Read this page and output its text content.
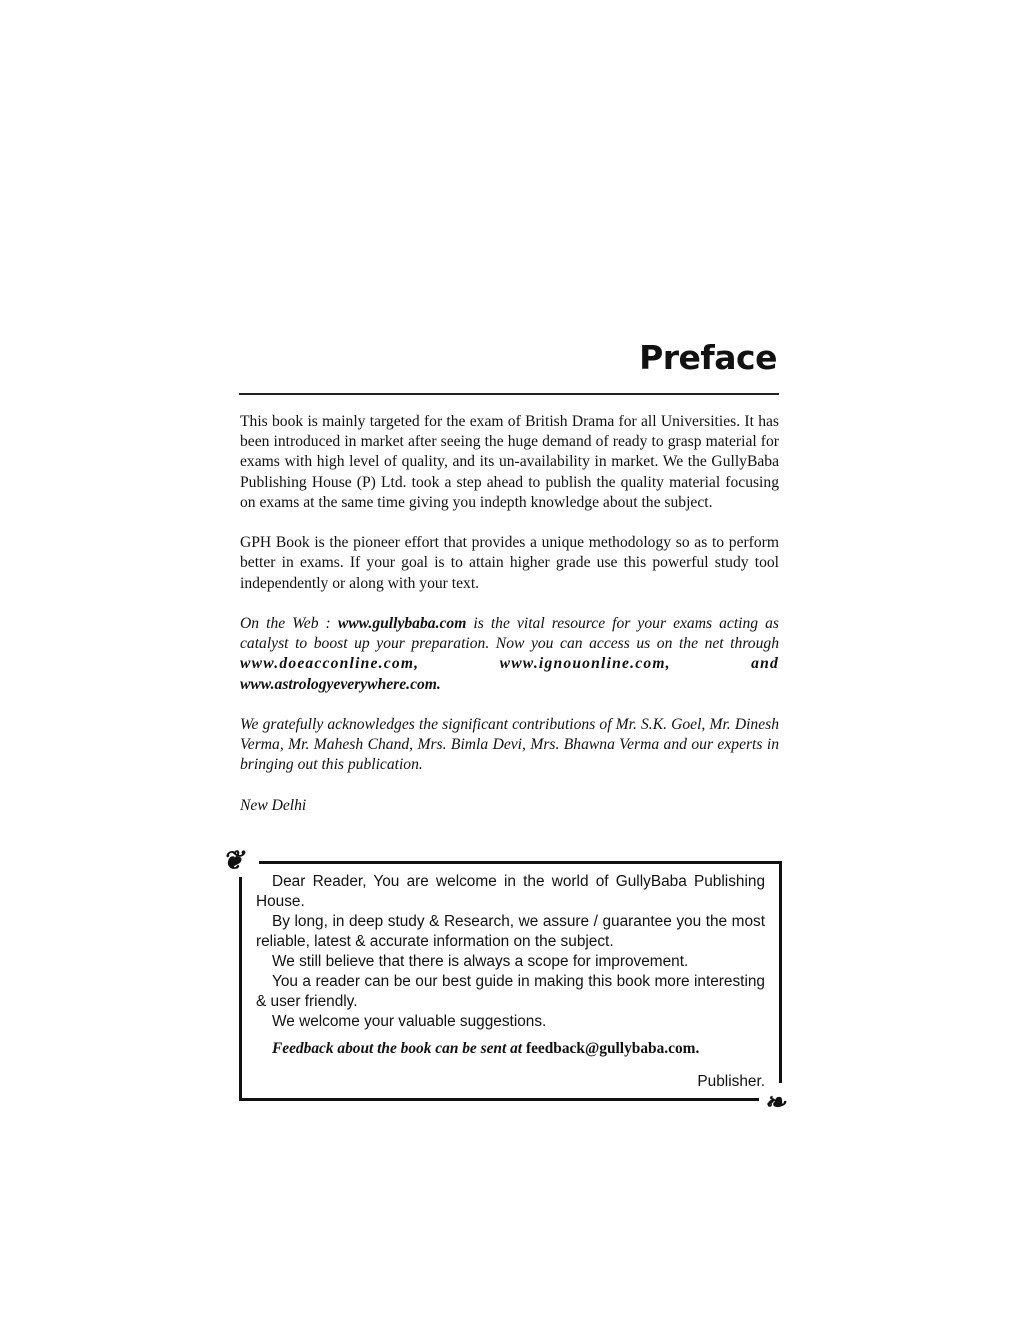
Preface

This book is mainly targeted for the exam of British Drama for all Universities. It has been introduced in market after seeing the huge demand of ready to grasp material for exams with high level of quality, and its un-availability in market. We the GullyBaba Publishing House (P) Ltd. took a step ahead to publish the quality material focusing on exams at the same time giving you indepth knowledge about the subject.

GPH Book is the pioneer effort that provides a unique methodology so as to perform better in exams. If your goal is to attain higher grade use this powerful study tool independently or along with your text.

On the Web : www.gullybaba.com is the vital resource for your exams acting as catalyst to boost up your preparation. Now you can access us on the net through www.doeacconline.com,	www.ignouonline.com,	and www.astrologyeverywhere.com.

We gratefully acknowledges the significant contributions of Mr. S.K. Goel, Mr. Dinesh Verma, Mr. Mahesh Chand, Mrs. Bimla Devi, Mrs. Bhawna Verma and our experts in bringing out this publication.

New Delhi

❦
❧

Dear Reader, You are welcome in the world of GullyBaba Publishing House.

By long, in deep study & Research, we assure / guarantee you the most reliable, latest & accurate information on the subject.

We still believe that there is always a scope for improvement.

You a reader can be our best guide in making this book more interesting & user friendly.

We welcome your valuable suggestions.

Feedback about the book can be sent at feedback@gullybaba.com.

Publisher.
